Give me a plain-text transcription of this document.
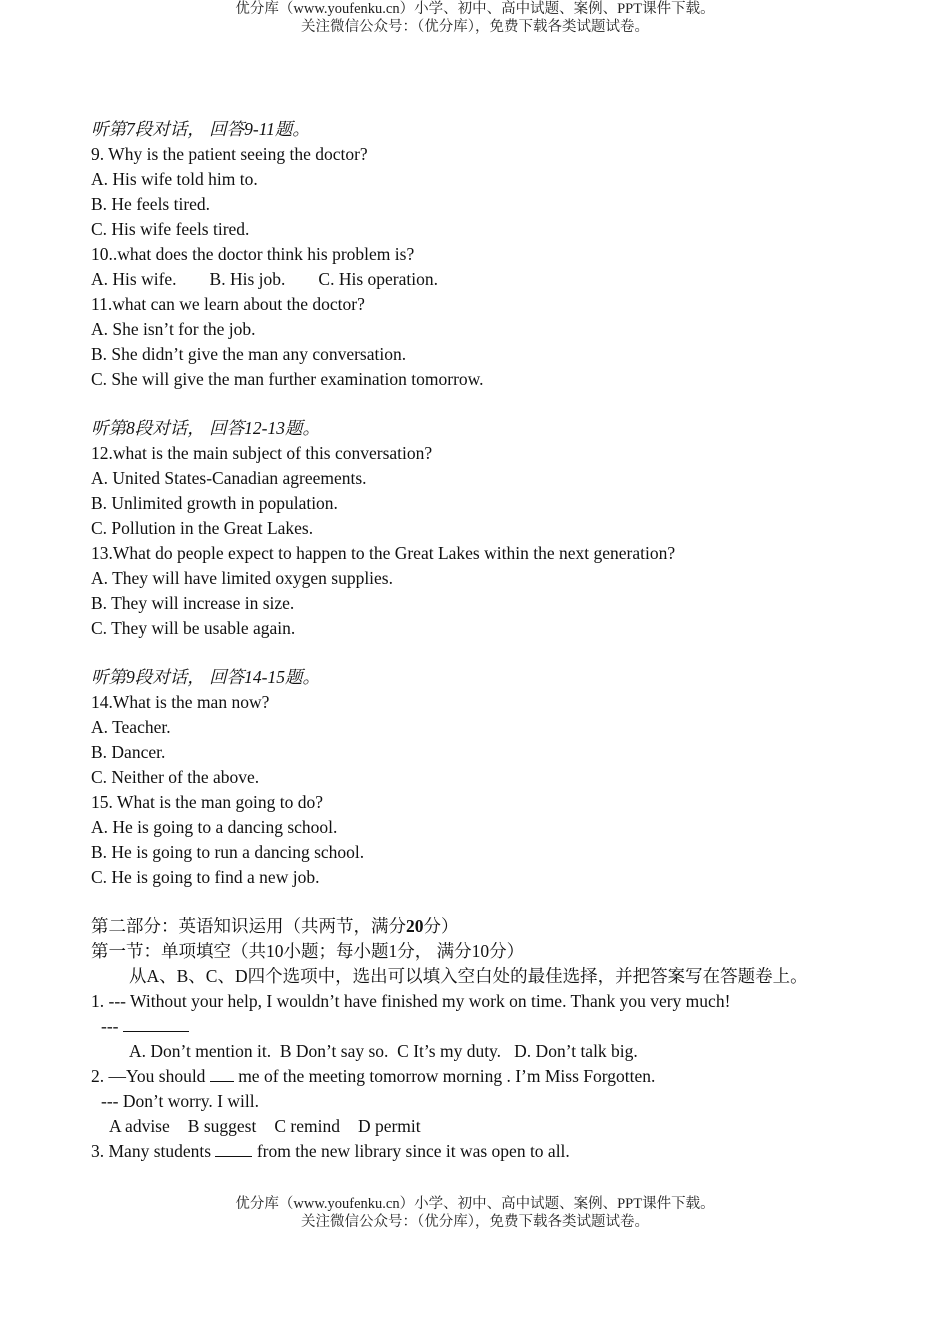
优分库（www.youfenku.cn）小学、初中、高中试题、案例、PPT课件下载。
关注微信公众号：（优分库），免费下载各类试题试卷。
听第7段对话， 回答9-11题。
9. Why is the patient seeing the doctor?
A. His wife told him to.
B. He feels tired.
C. His wife feels tired.
10..what does the doctor think his problem is?
A. His wife. B. His job. C. His operation.
11.what can we learn about the doctor?
A. She isn’t for the job.
B. She didn’t give the man any conversation.
C. She will give the man further examination tomorrow.
听第8段对话， 回答12-13题。
12.what is the main subject of this conversation?
A. United States-Canadian agreements.
B. Unlimited growth in population.
C. Pollution in the Great Lakes.
13.What do people expect to happen to the Great Lakes within the next generation?
A. They will have limited oxygen supplies.
B. They will increase in size.
C. They will be usable again.
听第9段对话， 回答14-15题。
14.What is the man now?
A. Teacher.
B. Dancer.
C. Neither of the above.
15. What is the man going to do?
A. He is going to a dancing school.
B. He is going to run a dancing school.
C. He is going to find a new job.
第二部分：英语知识运用（共两节，满分20分）
第一节：单项填空（共10小题；每小题1分， 满分10分）
从A、B、C、D四个选项中，选出可以填入空白处的最佳选择，并把答案写在答题卷上。
1. --- Without your help, I wouldn’t have finished my work on time. Thank you very much!
---
A. Don’t mention it.  B Don’t say so.  C It’s my duty.   D. Don’t talk big.
2. —You should me of the meeting tomorrow morning . I’m Miss Forgotten.
--- Don’t worry. I will.
A advise B suggest C remind D permit
3. Many students	from the new library since it was open to all.
优分库（www.youfenku.cn）小学、初中、高中试题、案例、PPT课件下载。
关注微信公众号：（优分库），免费下载各类试题试卷。
